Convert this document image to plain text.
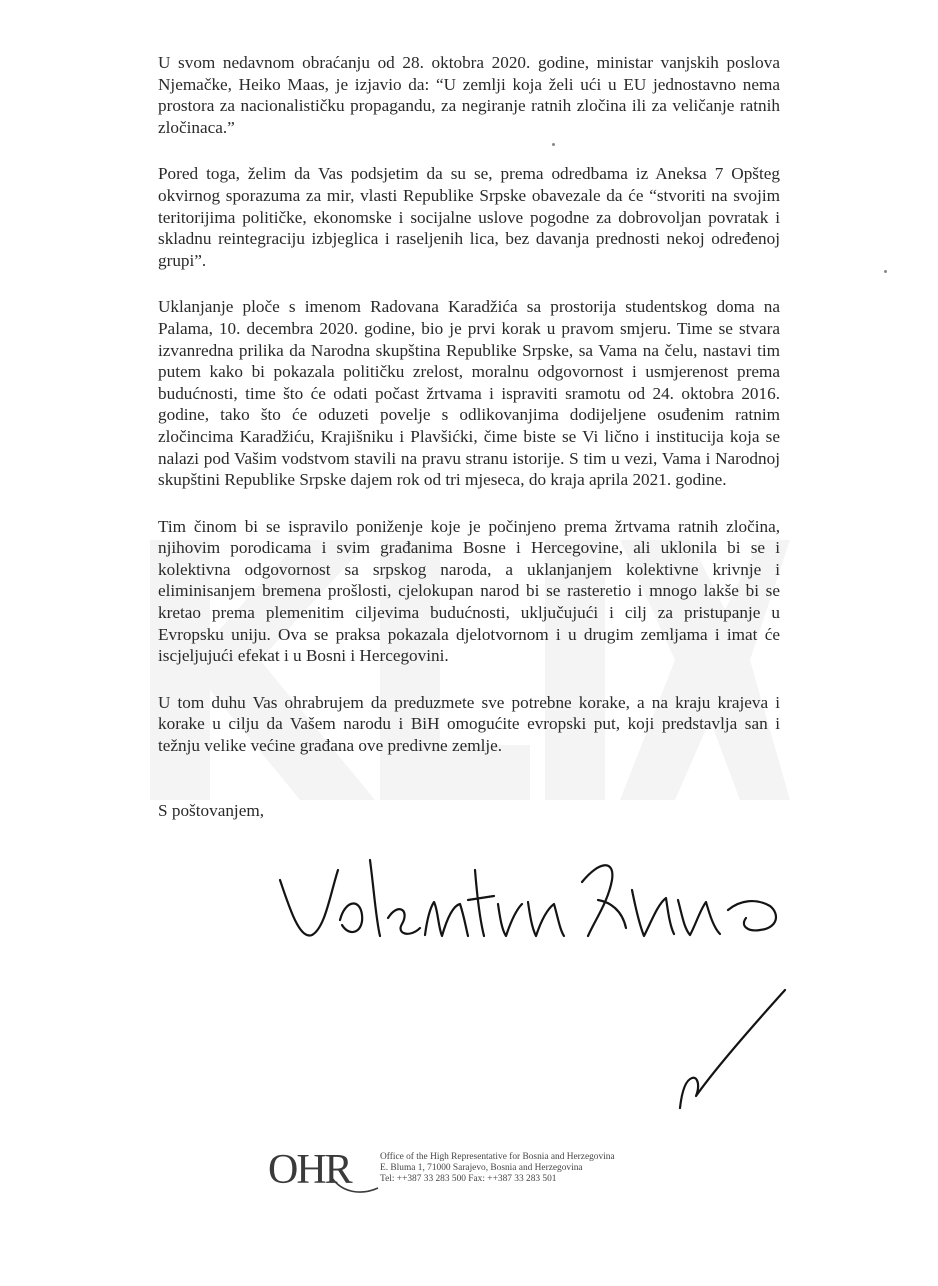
U svom nedavnom obraćanju od 28. oktobra 2020. godine, ministar vanjskih poslova Njemačke, Heiko Maas, je izjavio da: “U zemlji koja želi ući u EU jednostavno nema prostora za nacionalističku propagandu, za negiranje ratnih zločina ili za veličanje ratnih zločinaca.”

Pored toga, želim da Vas podsjetim da su se, prema odredbama iz Aneksa 7 Opšteg okvirnog sporazuma za mir, vlasti Republike Srpske obavezale da će “stvoriti na svojim teritorijima političke, ekonomske i socijalne uslove pogodne za dobrovoljan povratak i skladnu reintegraciju izbjeglica i raseljenih lica, bez davanja prednosti nekoj određenoj grupi”.

Uklanjanje ploče s imenom Radovana Karadžića sa prostorija studentskog doma na Palama, 10. decembra 2020. godine, bio je prvi korak u pravom smjeru. Time se stvara izvanredna prilika da Narodna skupština Republike Srpske, sa Vama na čelu, nastavi tim putem kako bi pokazala političku zrelost, moralnu odgovornost i usmjerenost prema budućnosti, time što će odati počast žrtvama i ispraviti sramotu od 24. oktobra 2016. godine, tako što će oduzeti povelje s odlikovanjima dodijeljene osuđenim ratnim zločincima Karadžiću, Krajišniku i Plavšićki, čime biste se Vi lično i institucija koja se nalazi pod Vašim vodstvom stavili na pravu stranu istorije. S tim u vezi, Vama i Narodnoj skupštini Republike Srpske dajem rok od tri mjeseca, do kraja aprila 2021. godine.

Tim činom bi se ispravilo poniženje koje je počinjeno prema žrtvama ratnih zločina, njihovim porodicama i svim građanima Bosne i Hercegovine, ali uklonila bi se i kolektivna odgovornost sa srpskog naroda, a uklanjanjem kolektivne krivnje i eliminisanjem bremena prošlosti, cjelokupan narod bi se rasteretio i mnogo lakše bi se kretao prema plemenitim ciljevima budućnosti, uključujući i cilj za pristupanje u Evropsku uniju. Ova se praksa pokazala djelotvornom i u drugim zemljama i imat će iscjeljujući efekat i u Bosni i Hercegovini.

U tom duhu Vas ohrabrujem da preduzmete sve potrebne korake, a na kraju krajeva i korake u cilju da Vašem narodu i BiH omogućite evropski put, koji predstavlja san i težnju velike većine građana ove predivne zemlje.

S poštovanjem,

OHR	Office of the High Representative for Bosnia and Herzegovina
E. Bluma 1, 71000 Sarajevo, Bosnia and Herzegovina
Tel: ++387 33 283 500 Fax: ++387 33 283 501
